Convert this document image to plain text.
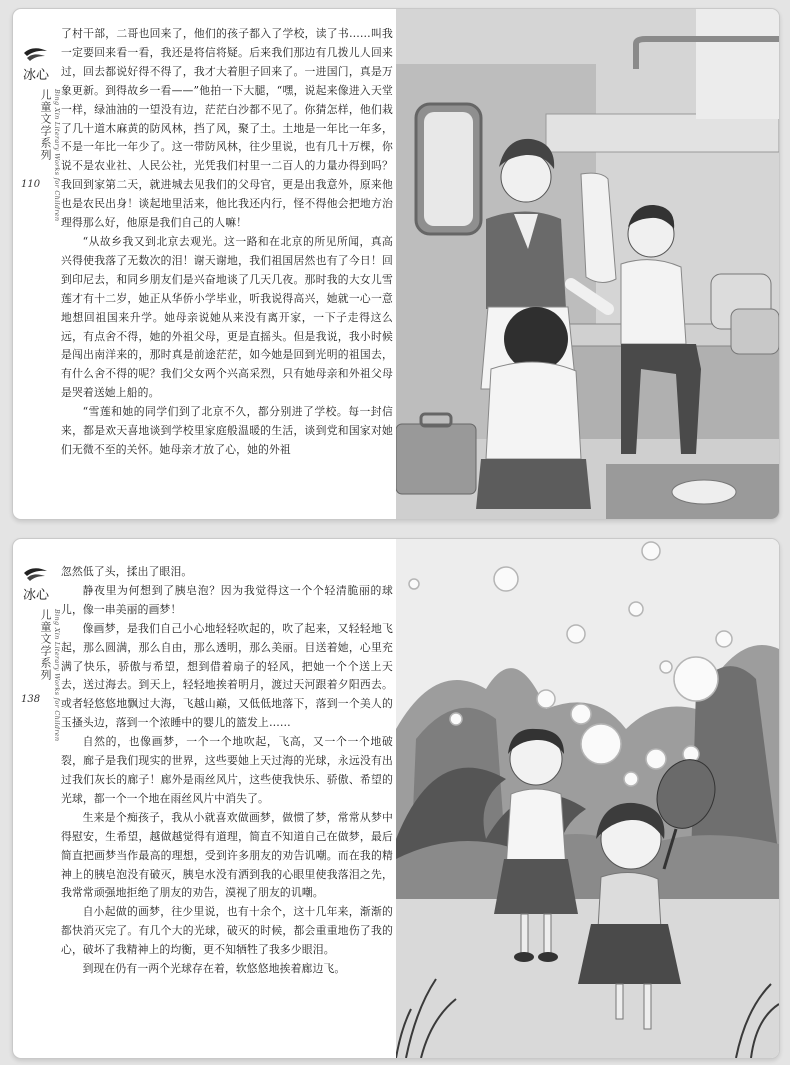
冰心
儿童文学系列 Bing Xin Literary Works for Children
110

了村干部，二哥也回来了，他们的孩子都入了学校，读了书……叫我一定要回来看一看，我还是将信将疑。后来我们那边有几拨儿人回来过，回去都说好得不得了，我才大着胆子回来了。一进国门，真是万象更新。到得故乡一看——”他拍一下大腿，“嘿，说起来像进入天堂一样，绿油油的一望没有边，茫茫白沙都不见了。你猜怎样，他们栽了几十道木麻黄的防风林，挡了风，聚了土。土地是一年比一年多，不是一年比一年少了。这一带防风林，往少里说，也有几十万棵，你说不是农业社、人民公社，光凭我们村里一二百人的力量办得到吗？我回到家第二天，就进城去见我们的父母官，更是出我意外，原来他也是农民出身！谈起地里活来，他比我还内行，怪不得他会把地方治理得那么好，他原是我们自己的人嘛！

“从故乡我又到北京去观光。这一路和在北京的所见所闻，真高兴得使我落了无数次的泪！谢天谢地，我们祖国居然也有了今日！回到印尼去，和同乡朋友们是兴奋地谈了几天几夜。那时我的大女儿雪莲才有十二岁，她正从华侨小学毕业，听我说得高兴，她就一心一意地想回祖国来升学。她母亲说她从来没有离开家，一下子走得这么远，有点舍不得，她的外祖父母，更是直摇头。但是我说，我小时候是闯出南洋来的，那时真是前途茫茫，如今她是回到光明的祖国去，有什么舍不得的呢？我们父女两个兴高采烈，只有她母亲和外祖父母是哭着送她上船的。

“雪莲和她的同学们到了北京不久，都分别进了学校。每一封信来，都是欢天喜地谈到学校里家庭般温暖的生活，谈到党和国家对她们无微不至的关怀。她母亲才放了心，她的外祖

冰心
儿童文学系列 Bing Xin Literary Works for Children
138

忽然低了头，揉出了眼泪。

静夜里为何想到了胰皂泡？因为我觉得这一个个轻清脆丽的球儿，像一串美丽的画梦！

像画梦，是我们自己小心地轻轻吹起的，吹了起来，又轻轻地飞起，那么圆满，那么自由，那么透明，那么美丽。目送着她，心里充满了快乐，骄傲与希望，想到借着扇子的轻风，把她一个个送上天去，送过海去。到天上，轻轻地挨着明月，渡过天河跟着夕阳西去。或者轻悠悠地飘过大海，飞越山巅，又低低地落下，落到一个美人的玉搔头边，落到一个浓睡中的婴儿的篮发上……

自然的，也像画梦，一个一个地吹起，飞高，又一个一个地破裂，廊子是我们现实的世界，这些要她上天过海的光球，永远没有出过我们灰长的廊子！廊外是雨丝风片，这些使我快乐、骄傲、希望的光球，都一个一个地在雨丝风片中消失了。

生来是个痴孩子，我从小就喜欢做画梦，做惯了梦，常常从梦中得慰安，生希望，越做越觉得有道理，简直不知道自己在做梦，最后简直把画梦当作最高的理想，受到许多朋友的劝告讥嘲。而在我的精神上的胰皂泡没有破灭，胰皂水没有洒到我的心眼里使我落泪之先，我常常顽强地拒绝了朋友的劝告，漠视了朋友的讥嘲。

自小起做的画梦，往少里说，也有十余个，这十几年来，渐渐的都快消灭完了。有几个大的光球，破灭的时候，都会重重地伤了我的心，破坏了我精神上的均衡，更不知牺牲了我多少眼泪。

到现在仍有一两个光球存在着，软悠悠地挨着廊边飞。
